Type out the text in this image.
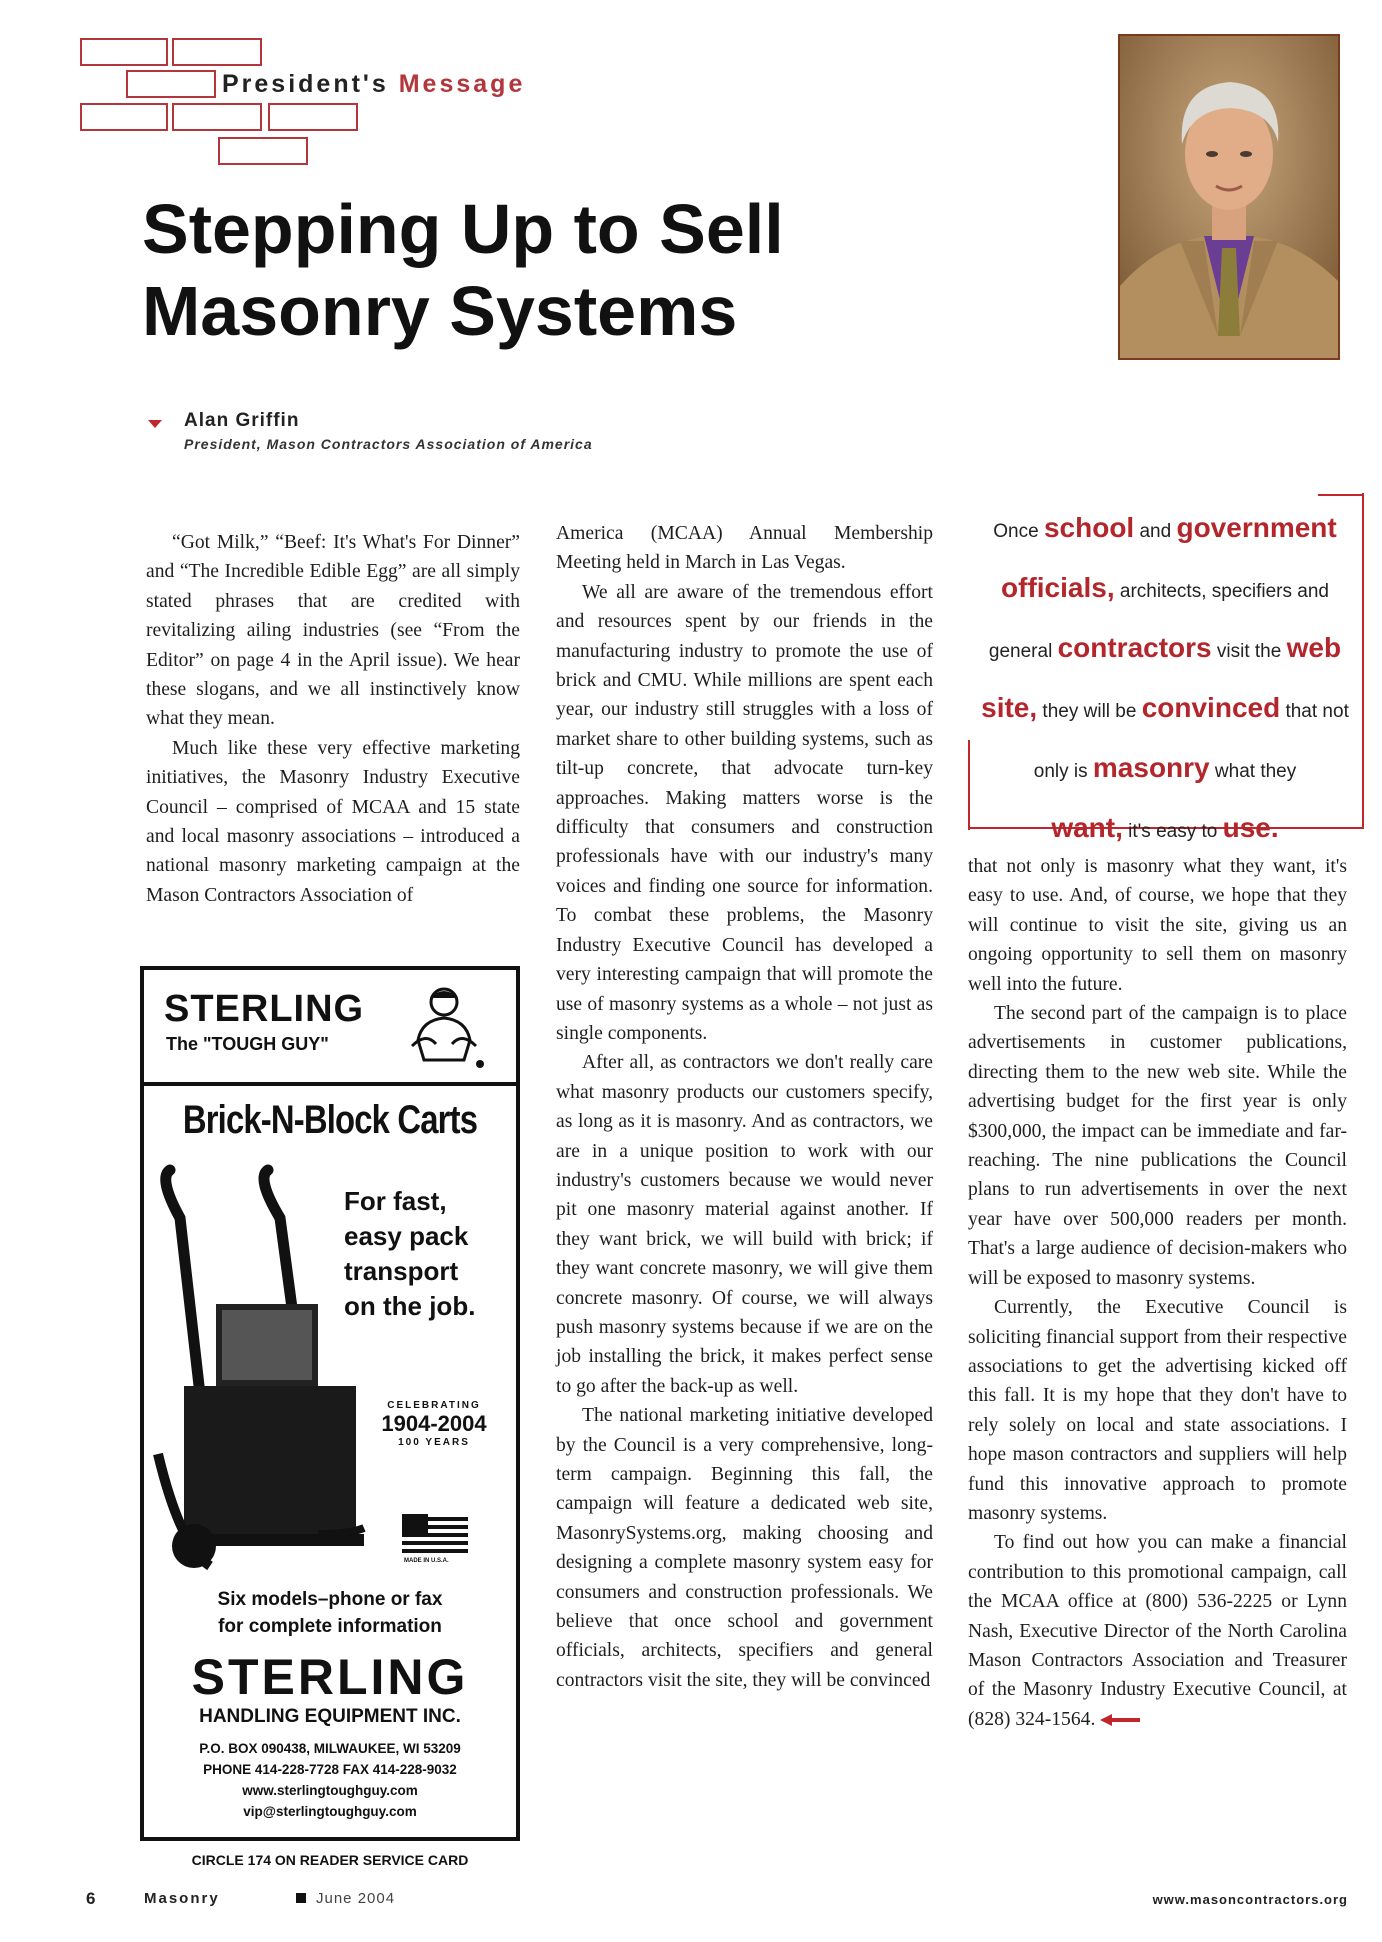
President's Message
Stepping Up to Sell
Masonry Systems
Alan Griffin
President, Mason Contractors Association of America

“Got Milk,” “Beef: It's What's For Dinner” and “The Incredible Edible Egg” are all simply stated phrases that are credited with revitalizing ailing industries (see “From the Editor” on page 4 in the April issue). We hear these slogans, and we all instinctively know what they mean.

Much like these very effective marketing initiatives, the Masonry Industry Executive Council – comprised of MCAA and 15 state and local masonry associations – introduced a national masonry marketing campaign at the Mason Contractors Association of

America (MCAA) Annual Membership Meeting held in March in Las Vegas.

We all are aware of the tremendous effort and resources spent by our friends in the manufacturing industry to promote the use of brick and CMU. While millions are spent each year, our industry still struggles with a loss of market share to other building systems, such as tilt-up concrete, that advocate turn-key approaches. Making matters worse is the difficulty that consumers and construction professionals have with our industry's many voices and finding one source for information. To combat these problems, the Masonry Industry Executive Council has developed a very interesting campaign that will promote the use of masonry systems as a whole – not just as single components.

After all, as contractors we don't really care what masonry products our customers specify, as long as it is masonry. And as contractors, we are in a unique position to work with our industry's customers because we would never pit one masonry material against another. If they want brick, we will build with brick; if they want concrete masonry, we will give them concrete masonry. Of course, we will always push masonry systems because if we are on the job installing the brick, it makes perfect sense to go after the back-up as well.

The national marketing initiative developed by the Council is a very comprehensive, long-term campaign. Beginning this fall, the campaign will feature a dedicated web site, MasonrySystems.org, making choosing and designing a complete masonry system easy for consumers and construction professionals. We believe that once school and government officials, architects, specifiers and general contractors visit the site, they will be convinced

Once school and government
officials, architects, specifiers and general contractors visit the web site, they will be convinced that not only is masonry what they
want, it's easy to use.

that not only is masonry what they want, it's easy to use. And, of course, we hope that they will continue to visit the site, giving us an ongoing opportunity to sell them on masonry well into the future.

The second part of the campaign is to place advertisements in customer publications, directing them to the new web site. While the advertising budget for the first year is only $300,000, the impact can be immediate and far-reaching. The nine publications the Council plans to run advertisements in over the next year have over 500,000 readers per month. That's a large audience of decision-makers who will be exposed to masonry systems.

Currently, the Executive Council is soliciting financial support from their respective associations to get the advertising kicked off this fall. It is my hope that they don't have to rely solely on local and state associations. I hope mason contractors and suppliers will help fund this innovative approach to promote masonry systems.

To find out how you can make a financial contribution to this promotional campaign, call the MCAA office at (800) 536-2225 or Lynn Nash, Executive Director of the North Carolina Mason Contractors Association and Treasurer of the Masonry Industry Executive Council, at (828) 324-1564.

STERLING
The "TOUGH GUY"
Brick-N-Block Carts
For fast,
easy pack
transport
on the job.
CELEBRATING
1904-2004
100 YEARS
MADE IN U.S.A.
Six models–phone or fax
for complete information
STERLING
HANDLING EQUIPMENT INC.
P.O. BOX 090438, MILWAUKEE, WI 53209
PHONE 414-228-7728 FAX 414-228-9032
www.sterlingtoughguy.com
vip@sterlingtoughguy.com
CIRCLE 174 ON READER SERVICE CARD
6	Masonry	June 2004	www.masoncontractors.org
